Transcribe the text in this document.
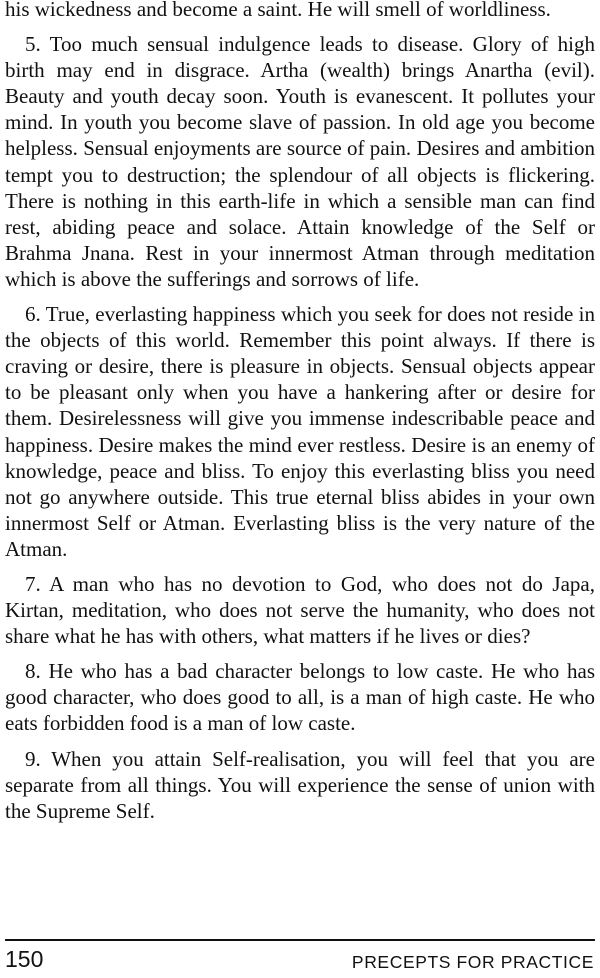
his wickedness and become a saint. He will smell of worldliness.

5. Too much sensual indulgence leads to disease. Glory of high birth may end in disgrace. Artha (wealth) brings Anartha (evil). Beauty and youth decay soon. Youth is evanescent. It pollutes your mind. In youth you become slave of passion. In old age you become helpless. Sensual enjoyments are source of pain. Desires and ambition tempt you to destruction; the splendour of all objects is flickering. There is nothing in this earth-life in which a sensible man can find rest, abiding peace and solace. Attain knowledge of the Self or Brahma Jnana. Rest in your innermost Atman through meditation which is above the sufferings and sorrows of life.

6. True, everlasting happiness which you seek for does not reside in the objects of this world. Remember this point always. If there is craving or desire, there is pleasure in objects. Sensual objects appear to be pleasant only when you have a hankering after or desire for them. Desirelessness will give you immense indescribable peace and happiness. Desire makes the mind ever restless. Desire is an enemy of knowledge, peace and bliss. To enjoy this everlasting bliss you need not go anywhere outside. This true eternal bliss abides in your own innermost Self or Atman. Everlasting bliss is the very nature of the Atman.

7. A man who has no devotion to God, who does not do Japa, Kirtan, meditation, who does not serve the humanity, who does not share what he has with others, what matters if he lives or dies?

8. He who has a bad character belongs to low caste. He who has good character, who does good to all, is a man of high caste. He who eats forbidden food is a man of low caste.

9. When you attain Self-realisation, you will feel that you are separate from all things. You will experience the sense of union with the Supreme Self.

150	PRECEPTS FOR PRACTICE
